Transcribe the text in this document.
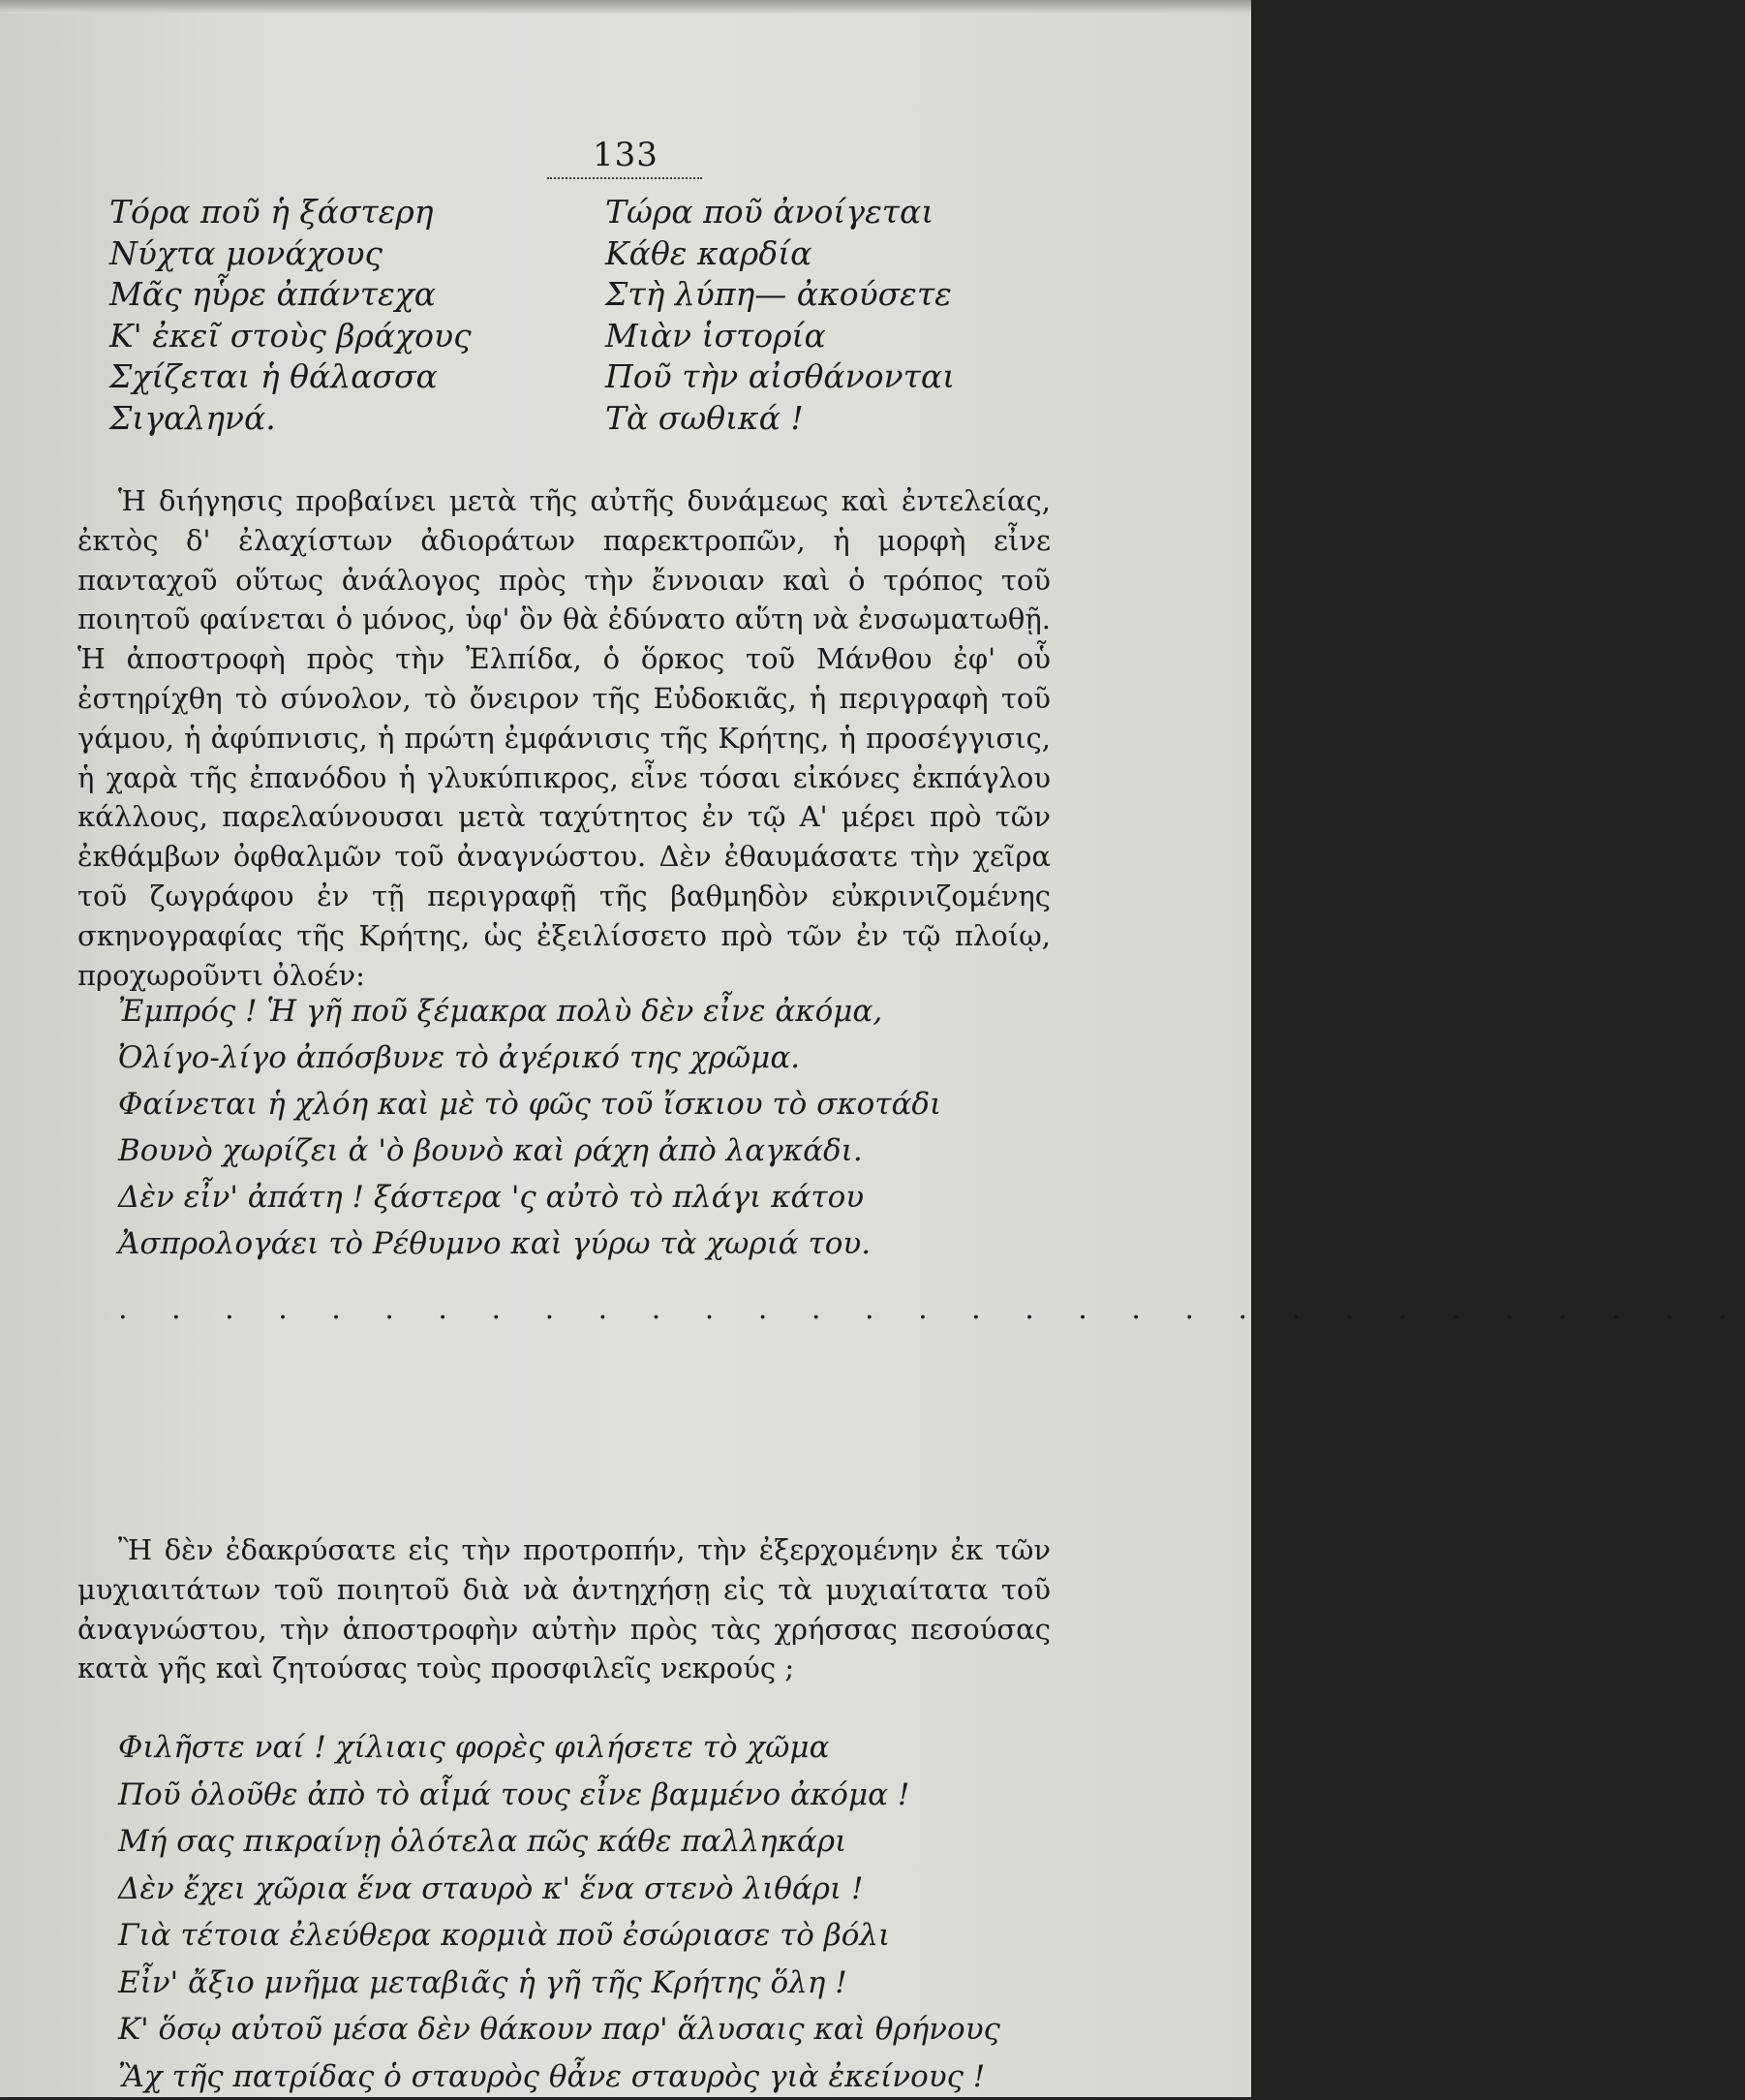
133
Τόρα ποῦ ἡ ξάστερη
Νύχτα μονάχους
Μᾶς ηὗρε ἀπάντεχα
Κ' ἐκεῖ στοὺς βράχους
Σχίζεται ἡ θάλασσα
Σιγαληνά.
Τώρα ποῦ ἀνοίγεται
Κάθε καρδία
Στὴ λύπη— ἀκούσετε
Μιὰν ἱστορία
Ποῦ τὴν αἰσθάνονται
Τὰ σωθικά !

Ἡ διήγησις προβαίνει μετὰ τῆς αὐτῆς δυνάμεως καὶ ἐντελείας, ἐκτὸς δ' ἐλαχίστων ἀδιοράτων παρεκτροπῶν, ἡ μορφὴ εἶνε πανταχοῦ οὕτως ἀνάλογος πρὸς τὴν ἔννοιαν καὶ ὁ τρόπος τοῦ ποιητοῦ φαίνεται ὁ μόνος, ὑφ' ὃν θὰ ἐδύνατο αὕτη νὰ ἐνσωματωθῇ. Ἡ ἀποστροφὴ πρὸς τὴν Ἐλπίδα, ὁ ὅρκος τοῦ Μάνθου ἐφ' οὗ ἐστηρίχθη τὸ σύνολον, τὸ ὄνειρον τῆς Εὐδοκιᾶς, ἡ περιγραφὴ τοῦ γάμου, ἡ ἀφύπνισις, ἡ πρώτη ἐμφάνισις τῆς Κρήτης, ἡ προσέγγισις, ἡ χαρὰ τῆς ἐπανόδου ἡ γλυκύπικρος, εἶνε τόσαι εἰκόνες ἐκπάγλου κάλλους, παρελαύνουσαι μετὰ ταχύτητος ἐν τῷ Α' μέρει πρὸ τῶν ἐκθάμβων ὀφθαλμῶν τοῦ ἀναγνώστου. Δὲν ἐθαυμάσατε τὴν χεῖρα τοῦ ζωγράφου ἐν τῇ περιγραφῇ τῆς βαθμηδὸν εὐκρινιζομένης σκηνογραφίας τῆς Κρήτης, ὡς ἐξειλίσσετο πρὸ τῶν ἐν τῷ πλοίῳ, προχωροῦντι ὀλοέν:

Ἐμπρός ! Ἡ γῆ ποῦ ξέμακρα πολὺ δὲν εἶνε ἀκόμα,
Ὀλίγο-λίγο ἀπόσβυνε τὸ ἀγέρικό της χρῶμα.
Φαίνεται ἡ χλόη καὶ μὲ τὸ φῶς τοῦ ἴσκιου τὸ σκοτάδι
Βουνὸ χωρίζει ἀ 'ὸ βουνὸ καὶ ράχη ἀπὸ λαγκάδι.
Δὲν εἶν' ἀπάτη ! ξάστερα 'ς αὐτὸ τὸ πλάγι κάτου
Ἀσπρολογάει τὸ Ρέθυμνο καὶ γύρω τὰ χωριά του.
. . . . . . . . . . . . . . . . . . . . . . . . . . . . . . .

Ἢ δὲν ἐδακρύσατε εἰς τὴν προτροπήν, τὴν ἐξερχομένην ἐκ τῶν μυχιαιτάτων τοῦ ποιητοῦ διὰ νὰ ἀντηχήσῃ εἰς τὰ μυχιαίτατα τοῦ ἀναγνώστου, τὴν ἀποστροφὴν αὐτὴν πρὸς τὰς χρήσσας πεσούσας κατὰ γῆς καὶ ζητούσας τοὺς προσφιλεῖς νεκρούς ;

Φιλῆστε ναί ! χίλιαις φορὲς φιλήσετε τὸ χῶμα
Ποῦ ὁλοῦθε ἀπὸ τὸ αἷμά τους εἶνε βαμμένο ἀκόμα !
Μή σας πικραίνῃ ὁλότελα πῶς κάθε παλληκάρι
Δὲν ἔχει χῶρια ἕνα σταυρὸ κ' ἕνα στενὸ λιθάρι !
Γιὰ τέτοια ἐλεύθερα κορμιὰ ποῦ ἐσώριασε τὸ βόλι
Εἶν' ἄξιο μνῆμα μεταβιᾶς ἡ γῆ τῆς Κρήτης ὅλη !
Κ' ὅσῳ αὐτοῦ μέσα δὲν θάκουν παρ' ἅλυσαις καὶ θρήνους
Ἂχ τῆς πατρίδας ὁ σταυρὸς θἆνε σταυρὸς γιὰ ἐκείνους !
